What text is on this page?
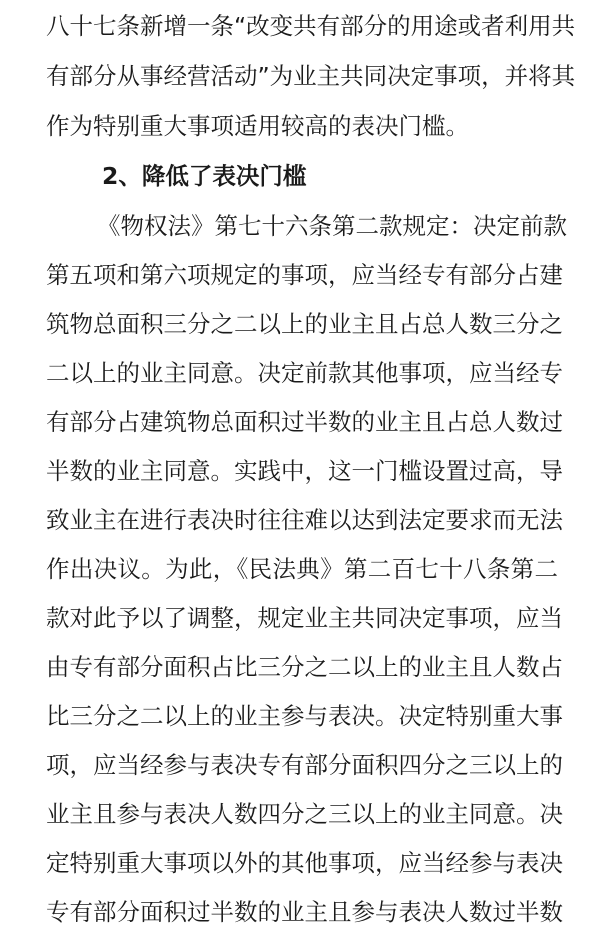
八十七条新增一条“改变共有部分的用途或者利用共
有部分从事经营活动”为业主共同决定事项，并将其
作为特别重大事项适用较高的表决门槛。
2、降低了表决门槛
《物权法》第七十六条第二款规定：决定前款
第五项和第六项规定的事项，应当经专有部分占建
筑物总面积三分之二以上的业主且占总人数三分之
二以上的业主同意。决定前款其他事项，应当经专
有部分占建筑物总面积过半数的业主且占总人数过
半数的业主同意。实践中，这一门槛设置过高，导
致业主在进行表决时往往难以达到法定要求而无法
作出决议。为此，《民法典》第二百七十八条第二
款对此予以了调整，规定业主共同决定事项，应当
由专有部分面积占比三分之二以上的业主且人数占
比三分之二以上的业主参与表决。决定特别重大事
项，应当经参与表决专有部分面积四分之三以上的
业主且参与表决人数四分之三以上的业主同意。决
定特别重大事项以外的其他事项，应当经参与表决
专有部分面积过半数的业主且参与表决人数过半数
